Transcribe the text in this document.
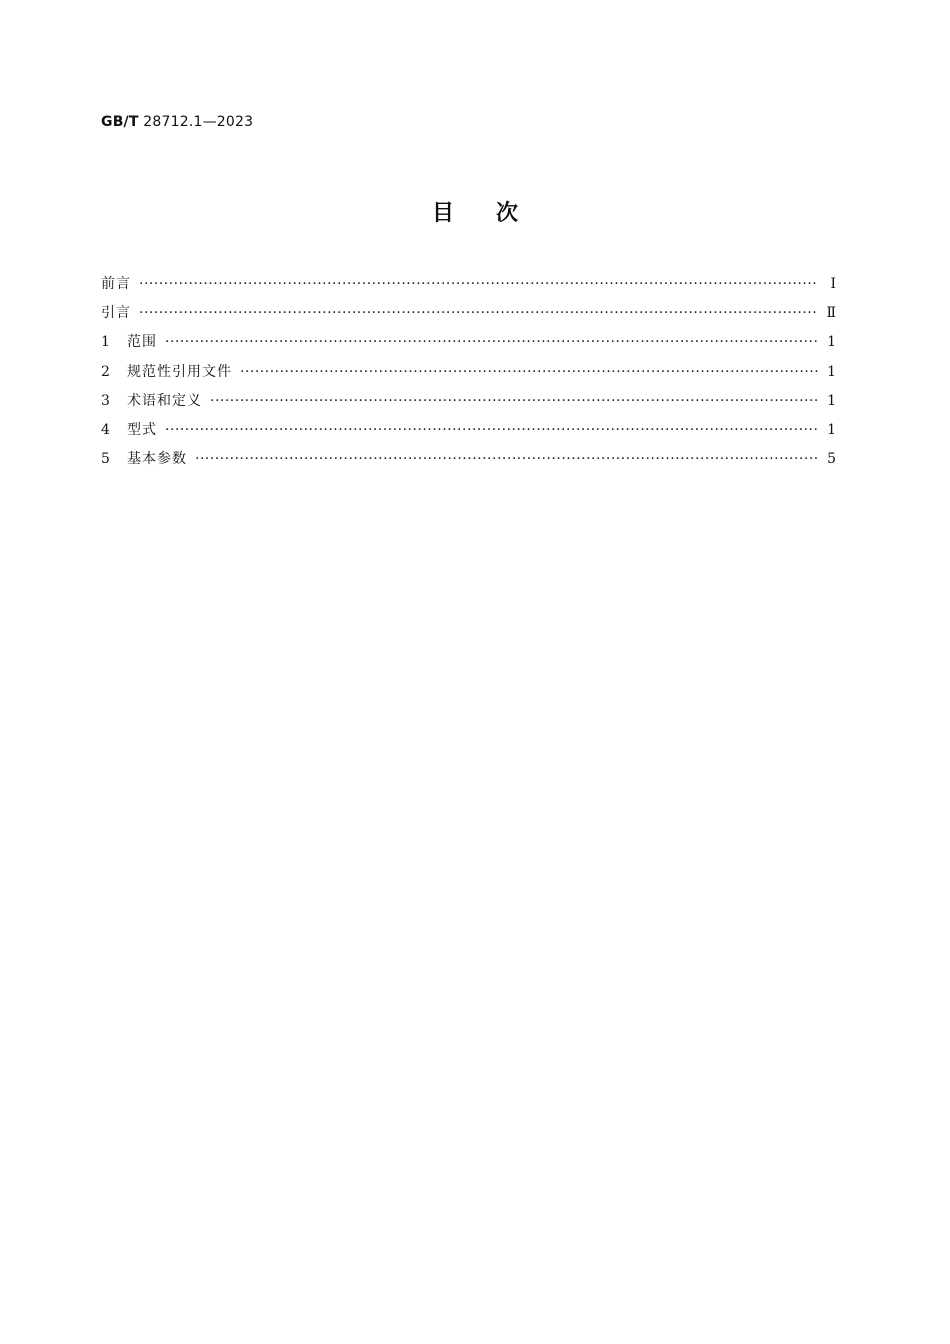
GB/T 28712.1—2023
目次
前言 ·····	Ⅰ
引言 ·····	Ⅱ
1	范围 ·····	1
2	规范性引用文件 ·····	1
3	术语和定义 ·····	1
4	型式 ·····	1
5	基本参数 ·····	5
